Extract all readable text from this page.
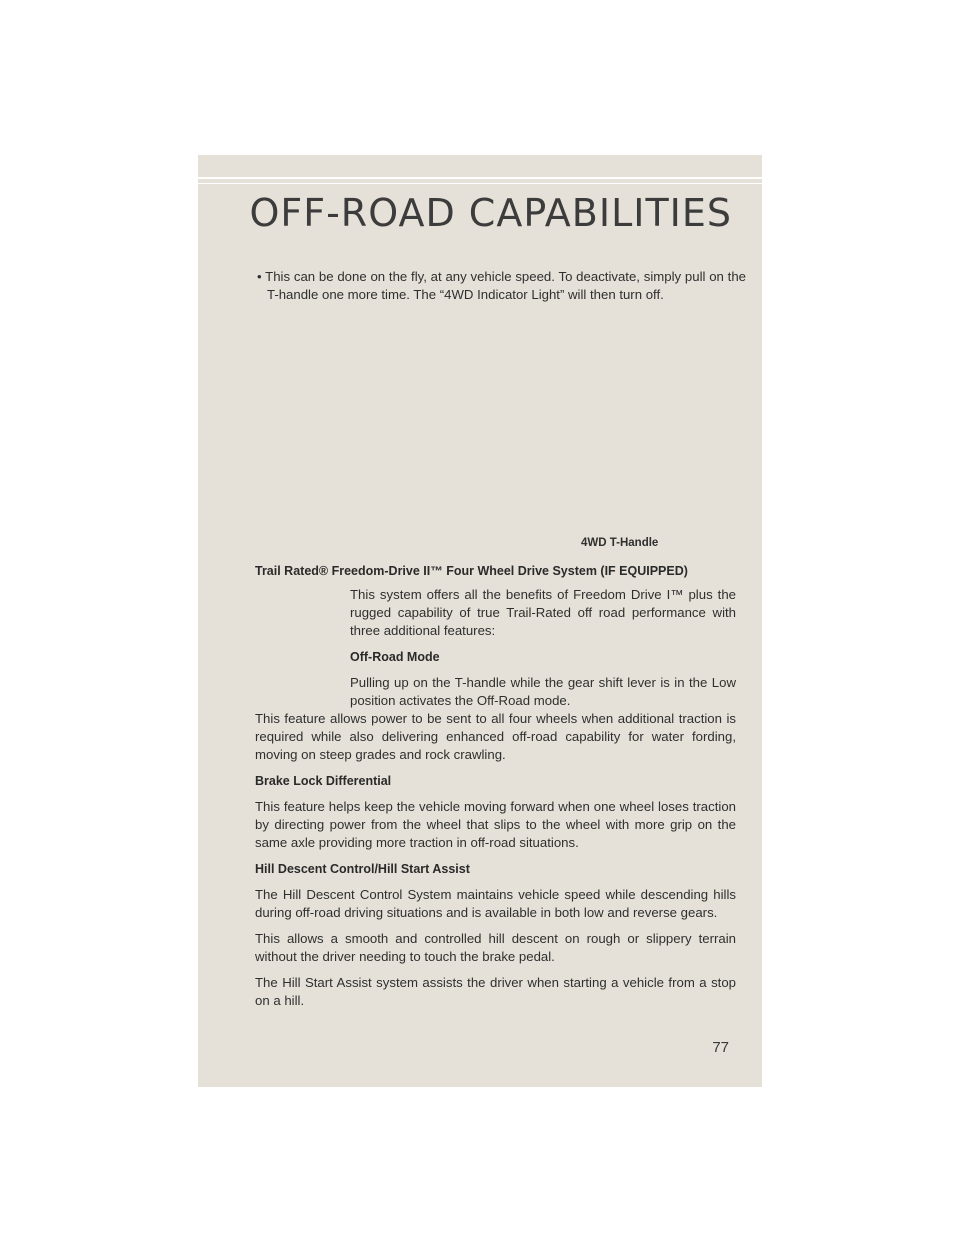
OFF-ROAD CAPABILITIES
• This can be done on the fly, at any vehicle speed. To deactivate, simply pull on the T-handle one more time. The “4WD Indicator Light” will then turn off.
4WD T-Handle
Trail Rated® Freedom-Drive II™ Four Wheel Drive System (IF EQUIPPED)

This system offers all the benefits of Freedom Drive I™ plus the rugged capability of true Trail-Rated off road performance with three additional features:

Off-Road Mode

Pulling up on the T-handle while the gear shift lever is in the Low position activates the Off-Road mode.

This feature allows power to be sent to all four wheels when additional traction is required while also delivering enhanced off-road capability for water fording, moving on steep grades and rock crawling.

Brake Lock Differential

This feature helps keep the vehicle moving forward when one wheel loses traction by directing power from the wheel that slips to the wheel with more grip on the same axle providing more traction in off-road situations.

Hill Descent Control/Hill Start Assist

The Hill Descent Control System maintains vehicle speed while descending hills during off-road driving situations and is available in both low and reverse gears.

This allows a smooth and controlled hill descent on rough or slippery terrain without the driver needing to touch the brake pedal.

The Hill Start Assist system assists the driver when starting a vehicle from a stop on a hill.

77
